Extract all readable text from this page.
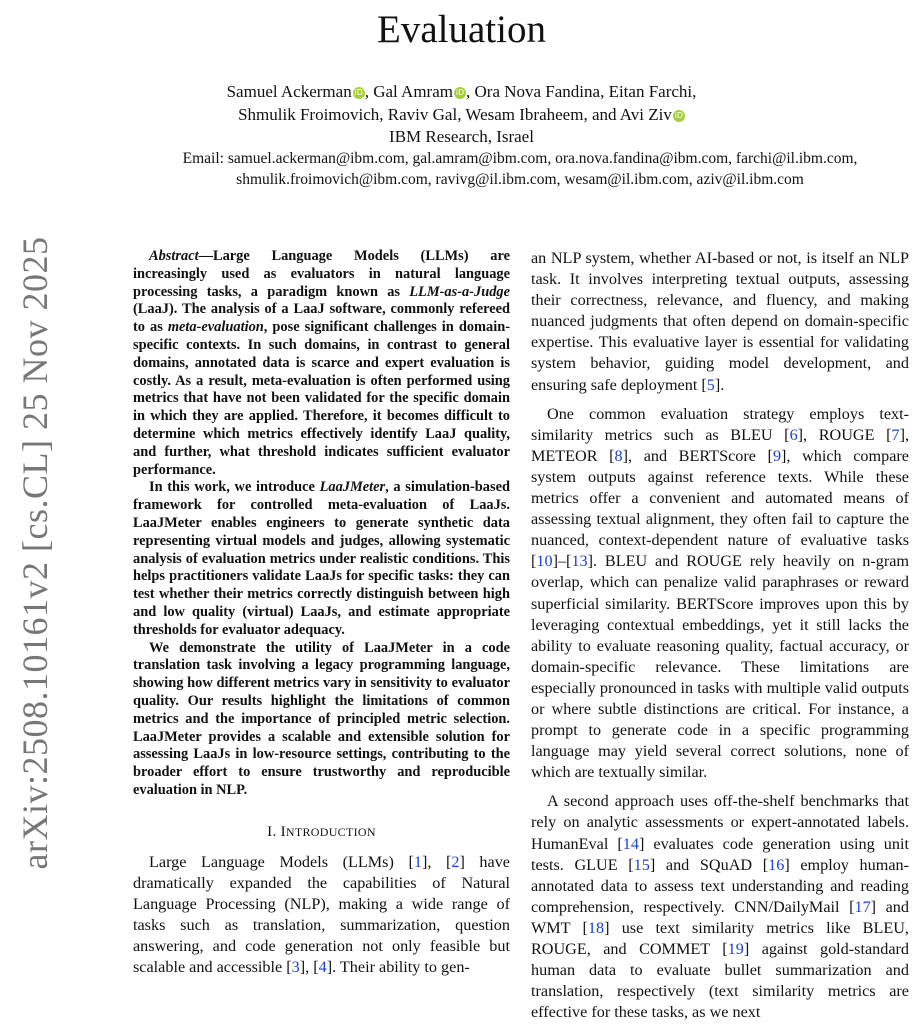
Evaluation
Samuel Ackerman iD , Gal Amram iD , Ora Nova Fandina, Eitan Farchi,
Shmulik Froimovich, Raviv Gal, Wesam Ibraheem, and Avi Ziv iD
IBM Research, Israel
Email: samuel.ackerman@ibm.com, gal.amram@ibm.com, ora.nova.fandina@ibm.com, farchi@il.ibm.com,
shmulik.froimovich@ibm.com, ravivg@il.ibm.com, wesam@il.ibm.com, aziv@il.ibm.com
arXiv:2508.10161v2 [cs.CL] 25 Nov 2025	Abstract—Large Language Models (LLMs) are increasingly used as evaluators in natural language processing tasks, a paradigm known as LLM-as-a-Judge (LaaJ). The analysis of a LaaJ software, commonly refereed to as meta-evaluation, pose significant challenges in domain-specific contexts. In such domains, in contrast to general domains, annotated data is scarce and expert evaluation is costly. As a result, meta-evaluation is often performed using metrics that have not been validated for the specific domain in which they are applied. Therefore, it becomes difficult to determine which metrics effectively identify LaaJ quality, and further, what threshold indicates sufficient evaluator performance.

In this work, we introduce LaaJMeter, a simulation-based framework for controlled meta-evaluation of LaaJs. LaaJMeter enables engineers to generate synthetic data representing virtual models and judges, allowing systematic analysis of evaluation metrics under realistic conditions. This helps practitioners validate LaaJs for specific tasks: they can test whether their metrics correctly distinguish between high and low quality (virtual) LaaJs, and estimate appropriate thresholds for evaluator adequacy.

We demonstrate the utility of LaaJMeter in a code translation task involving a legacy programming language, showing how different metrics vary in sensitivity to evaluator quality. Our results highlight the limitations of common metrics and the importance of principled metric selection. LaaJMeter provides a scalable and extensible solution for assessing LaaJs in low-resource settings, contributing to the broader effort to ensure trustworthy and reproducible evaluation in NLP.

I. INTRODUCTION

Large Language Models (LLMs) [1], [2] have dramatically expanded the capabilities of Natural Language Processing (NLP), making a wide range of tasks such as translation, summarization, question answering, and code generation not only feasible but scalable and accessible [3], [4]. Their ability to gen-

an NLP system, whether AI-based or not, is itself an NLP task. It involves interpreting textual outputs, assessing their correctness, relevance, and fluency, and making nuanced judgments that often depend on domain-specific expertise. This evaluative layer is essential for validating system behavior, guiding model development, and ensuring safe deployment [5].

One common evaluation strategy employs text-similarity metrics such as BLEU [6], ROUGE [7], METEOR [8], and BERTScore [9], which compare system outputs against reference texts. While these metrics offer a convenient and automated means of assessing textual alignment, they often fail to capture the nuanced, context-dependent nature of evaluative tasks [10]–[13]. BLEU and ROUGE rely heavily on n-gram overlap, which can penalize valid paraphrases or reward superficial similarity. BERTScore improves upon this by leveraging contextual embeddings, yet it still lacks the ability to evaluate reasoning quality, factual accuracy, or domain-specific relevance. These limitations are especially pronounced in tasks with multiple valid outputs or where subtle distinctions are critical. For instance, a prompt to generate code in a specific programming language may yield several correct solutions, none of which are textually similar.

A second approach uses off-the-shelf benchmarks that rely on analytic assessments or expert-annotated labels. HumanEval [14] evaluates code generation using unit tests. GLUE [15] and SQuAD [16] employ human-annotated data to assess text understanding and reading comprehension, respectively. CNN/DailyMail [17] and WMT [18] use text similarity metrics like BLEU, ROUGE, and COMMET [19] against gold-standard human data to evaluate bullet summarization and translation, respectively (text similarity metrics are effective for these tasks, as we next
